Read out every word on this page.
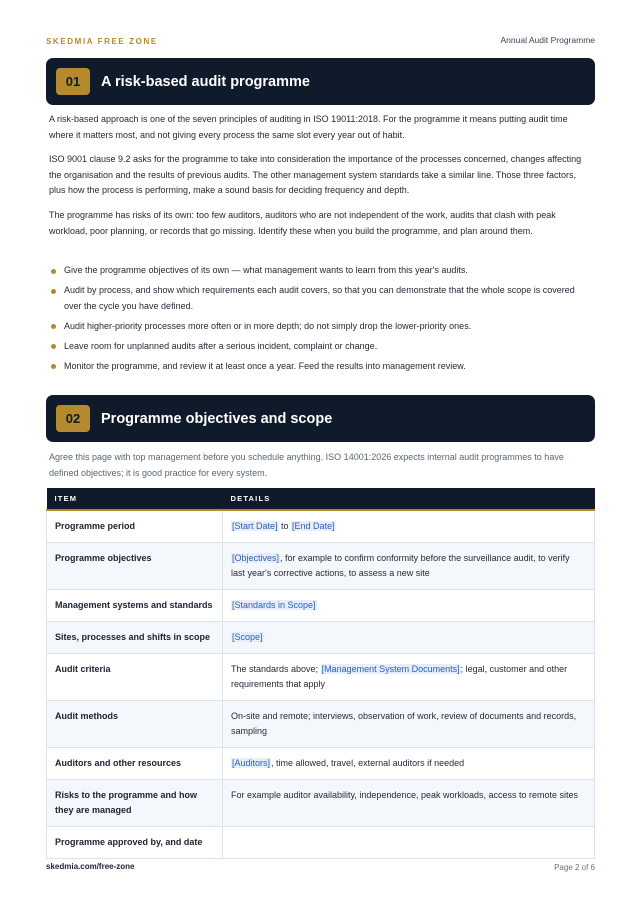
SKEDMIA FREE ZONE	Annual Audit Programme
01	A risk-based audit programme

A risk-based approach is one of the seven principles of auditing in ISO 19011:2018. For the programme it means putting audit time where it matters most, and not giving every process the same slot every year out of habit.

ISO 9001 clause 9.2 asks for the programme to take into consideration the importance of the processes concerned, changes affecting the organisation and the results of previous audits. The other management system standards take a similar line. Those three factors, plus how the process is performing, make a sound basis for deciding frequency and depth.

The programme has risks of its own: too few auditors, auditors who are not independent of the work, audits that clash with peak workload, poor planning, or records that go missing. Identify these when you build the programme, and plan around them.

Give the programme objectives of its own — what management wants to learn from this year's audits.
Audit by process, and show which requirements each audit covers, so that you can demonstrate that the whole scope is covered over the cycle you have defined.
Audit higher-priority processes more often or in more depth; do not simply drop the lower-priority ones.
Leave room for unplanned audits after a serious incident, complaint or change.
Monitor the programme, and review it at least once a year. Feed the results into management review.
02	Programme objectives and scope

Agree this page with top management before you schedule anything. ISO 14001:2026 expects internal audit programmes to have defined objectives; it is good practice for every system.

ITEM	DETAILS
Programme period	[Start Date] to [End Date]
Programme objectives	[Objectives], for example to confirm conformity before the surveillance audit, to verify last year's corrective actions, to assess a new site
Management systems and standards	[Standards in Scope]
Sites, processes and shifts in scope	[Scope]
Audit criteria	The standards above; [Management System Documents]; legal, customer and other requirements that apply
Audit methods	On-site and remote; interviews, observation of work, review of documents and records, sampling
Auditors and other resources	[Auditors], time allowed, travel, external auditors if needed
Risks to the programme and how they are managed	For example auditor availability, independence, peak workloads, access to remote sites
Programme approved by, and date	
skedmia.com/free-zone	Page 2 of 6
